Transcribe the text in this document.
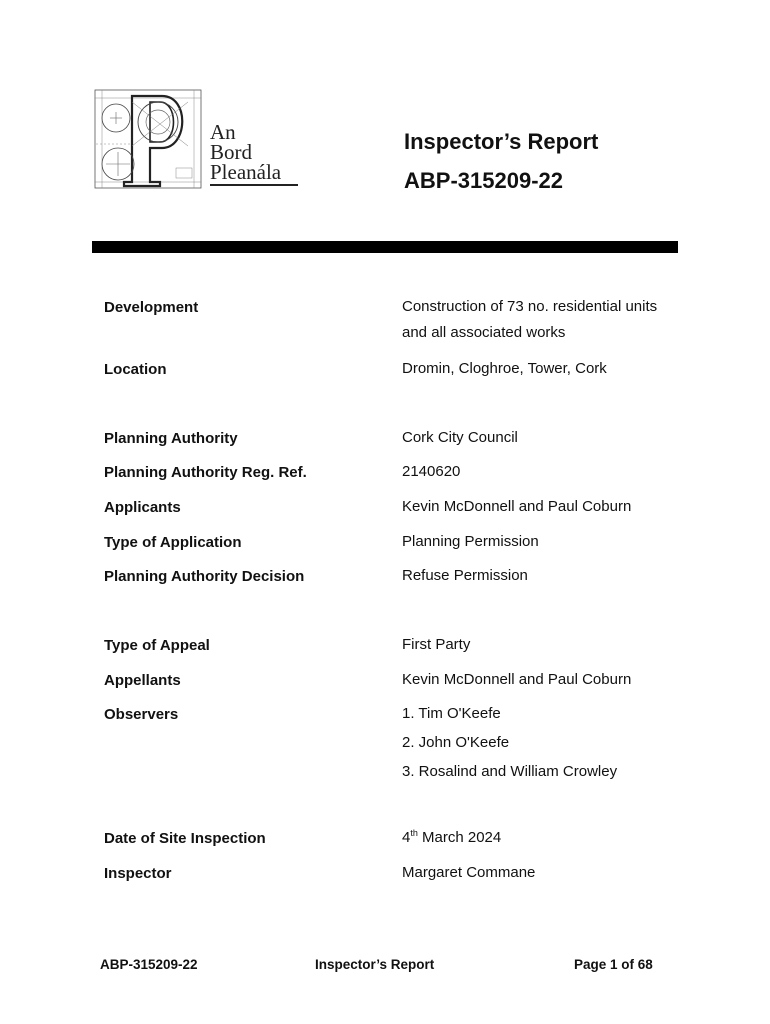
An
Bord
Pleanála
Inspector’s Report
ABP-315209-22
Development	Construction of 73 no. residential units
and all associated works
Location	Dromin, Cloghroe, Tower, Cork
Planning Authority	Cork City Council
Planning Authority Reg. Ref.	2140620
Applicants	Kevin McDonnell and Paul Coburn
Type of Application	Planning Permission
Planning Authority Decision	Refuse Permission
Type of Appeal	First Party
Appellants	Kevin McDonnell and Paul Coburn
Observers	1. Tim O'Keefe
2. John O'Keefe
3. Rosalind and William Crowley
Date of Site Inspection	4th March 2024
Inspector	Margaret Commane
ABP-315209-22	Inspector’s Report	Page 1 of 68
